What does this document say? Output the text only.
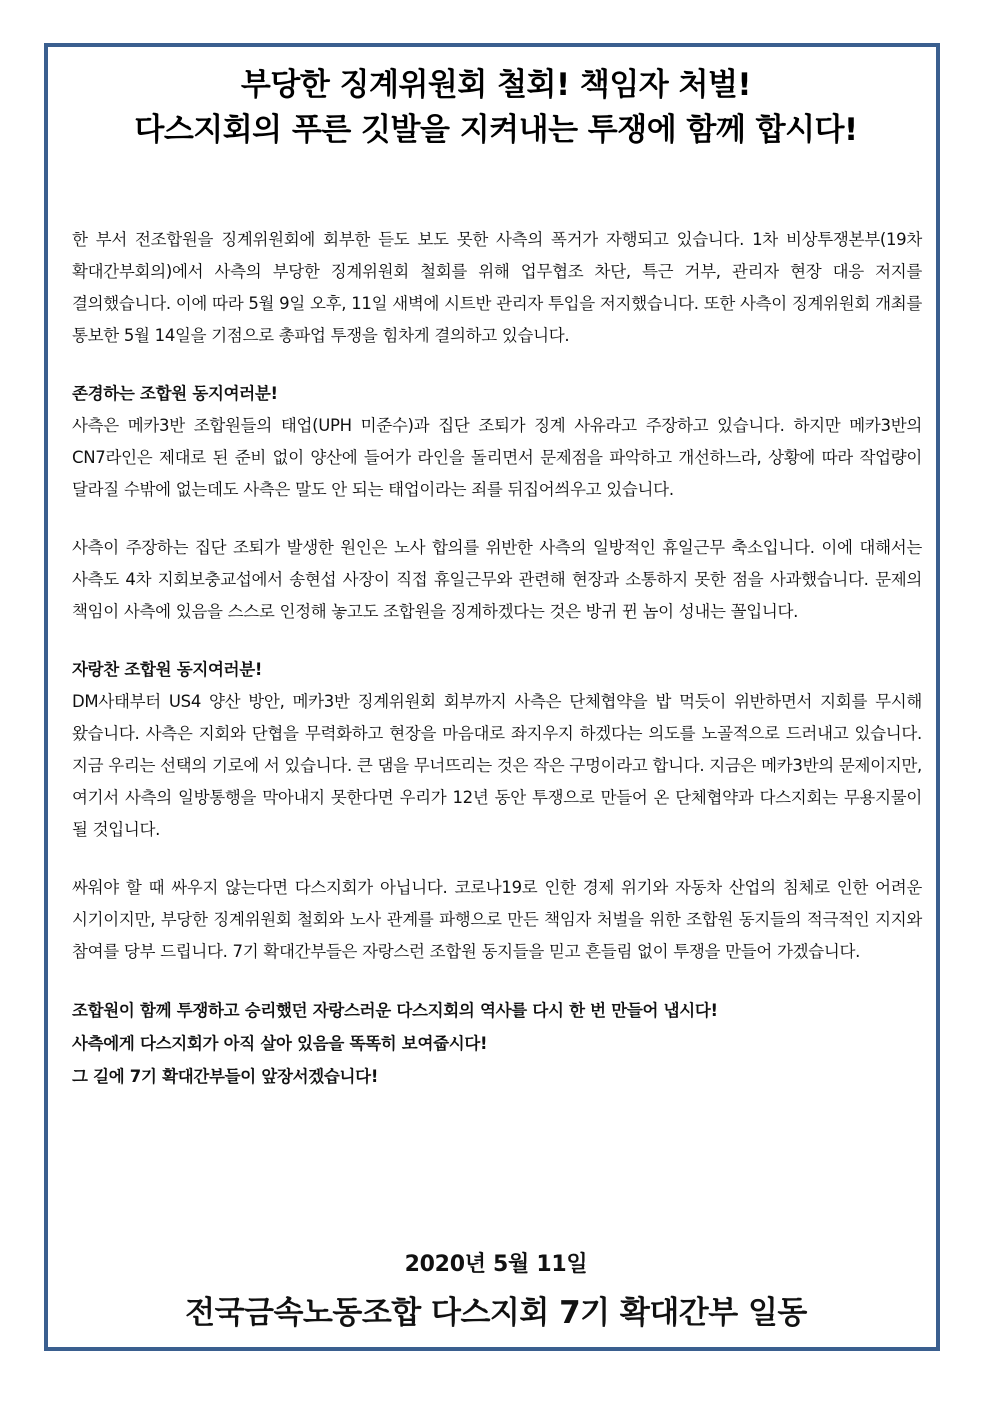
부당한 징계위원회 철회! 책임자 처벌!
다스지회의 푸른 깃발을 지켜내는 투쟁에 함께 합시다!

한 부서 전조합원을 징계위원회에 회부한 듣도 보도 못한 사측의 폭거가 자행되고 있습니다. 1차 비상투쟁본부(19차 확대간부회의)에서 사측의 부당한 징계위원회 철회를 위해 업무협조 차단, 특근 거부, 관리자 현장 대응 저지를 결의했습니다. 이에 따라 5월 9일 오후, 11일 새벽에 시트반 관리자 투입을 저지했습니다. 또한 사측이 징계위원회 개최를 통보한 5월 14일을 기점으로 총파업 투쟁을 힘차게 결의하고 있습니다.

존경하는 조합원 동지여러분!

사측은 메카3반 조합원들의 태업(UPH 미준수)과 집단 조퇴가 징계 사유라고 주장하고 있습니다. 하지만 메카3반의 CN7라인은 제대로 된 준비 없이 양산에 들어가 라인을 돌리면서 문제점을 파악하고 개선하느라, 상황에 따라 작업량이 달라질 수밖에 없는데도 사측은 말도 안 되는 태업이라는 죄를 뒤집어씌우고 있습니다.

사측이 주장하는 집단 조퇴가 발생한 원인은 노사 합의를 위반한 사측의 일방적인 휴일근무 축소입니다. 이에 대해서는 사측도 4차 지회보충교섭에서 송현섭 사장이 직접 휴일근무와 관련해 현장과 소통하지 못한 점을 사과했습니다. 문제의 책임이 사측에 있음을 스스로 인정해 놓고도 조합원을 징계하겠다는 것은 방귀 뀐 놈이 성내는 꼴입니다.

자랑찬 조합원 동지여러분!

DM사태부터 US4 양산 방안, 메카3반 징계위원회 회부까지 사측은 단체협약을 밥 먹듯이 위반하면서 지회를 무시해 왔습니다. 사측은 지회와 단협을 무력화하고 현장을 마음대로 좌지우지 하겠다는 의도를 노골적으로 드러내고 있습니다. 지금 우리는 선택의 기로에 서 있습니다. 큰 댐을 무너뜨리는 것은 작은 구멍이라고 합니다. 지금은 메카3반의 문제이지만, 여기서 사측의 일방통행을 막아내지 못한다면 우리가 12년 동안 투쟁으로 만들어 온 단체협약과 다스지회는 무용지물이 될 것입니다.

싸워야 할 때 싸우지 않는다면 다스지회가 아닙니다. 코로나19로 인한 경제 위기와 자동차 산업의 침체로 인한 어려운 시기이지만, 부당한 징계위원회 철회와 노사 관계를 파행으로 만든 책임자 처벌을 위한 조합원 동지들의 적극적인 지지와 참여를 당부 드립니다. 7기 확대간부들은 자랑스런 조합원 동지들을 믿고 흔들림 없이 투쟁을 만들어 가겠습니다.

조합원이 함께 투쟁하고 승리했던 자랑스러운 다스지회의 역사를 다시 한 번 만들어 냅시다!

사측에게 다스지회가 아직 살아 있음을 똑똑히 보여줍시다!

그 길에 7기 확대간부들이 앞장서겠습니다!

2020년 5월 11일
전국금속노동조합 다스지회 7기 확대간부 일동
